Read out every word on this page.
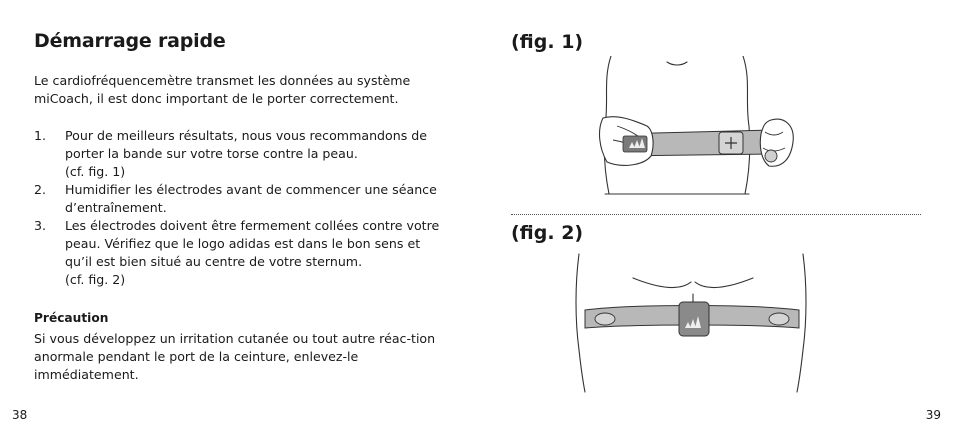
Démarrage rapide

Le cardiofréquencemètre transmet les données au système miCoach, il est donc important de le porter correctement.

1. Pour de meilleurs résultats, nous vous recommandons de porter la bande sur votre torse contre la peau.
(cf. fig. 1)
2. Humidifier les électrodes avant de commencer une séance d’entraînement.
3. Les électrodes doivent être fermement collées contre votre peau. Vérifiez que le logo adidas est dans le bon sens et qu’il est bien situé au centre de votre sternum.
(cf. fig. 2)

Précaution

Si vous développez un irritation cutanée ou tout autre réac-tion anormale pendant le port de la ceinture, enlevez-le immédiatement.

38

(fig. 1)

(fig. 2)

39
